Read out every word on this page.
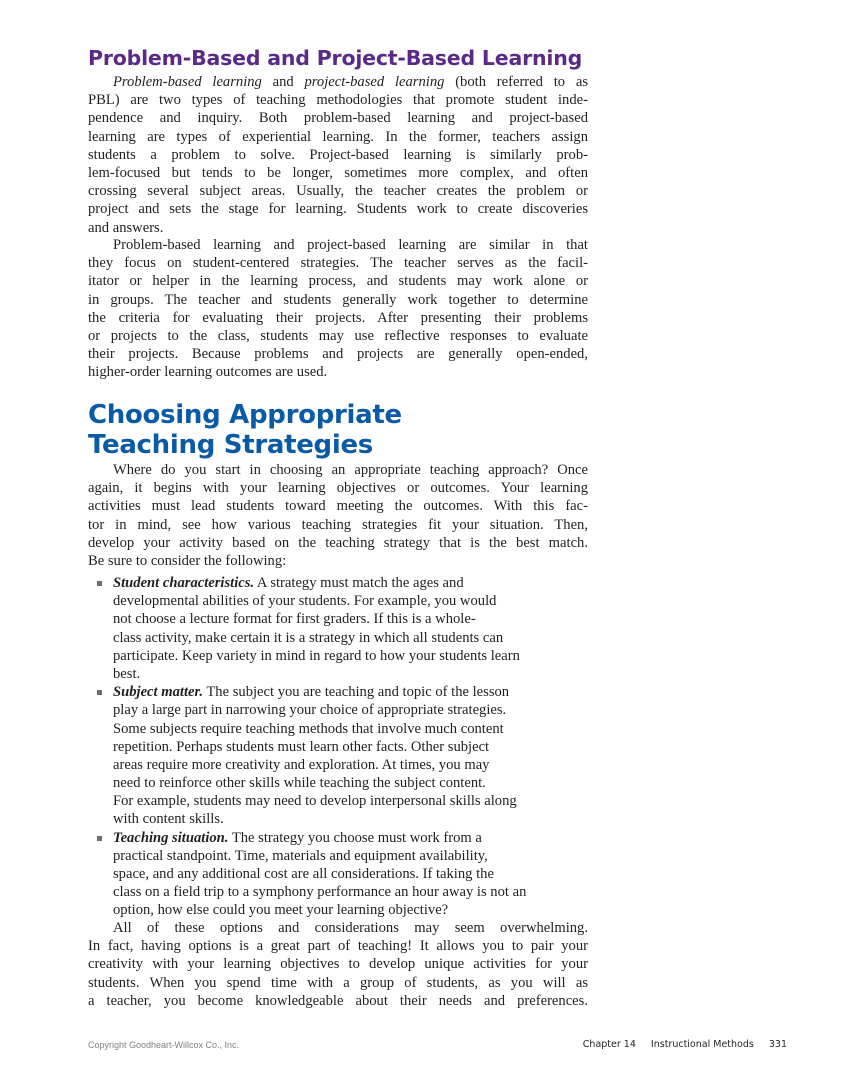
Problem-Based and Project-Based Learning
Problem-based learning and project-based learning (both referred to as
PBL) are two types of teaching methodologies that promote student inde-
pendence and inquiry. Both problem-based learning and project-based
learning are types of experiential learning. In the former, teachers assign
students a problem to solve. Project-based learning is similarly prob-
lem-focused but tends to be longer, sometimes more complex, and often
crossing several subject areas. Usually, the teacher creates the problem or
project and sets the stage for learning. Students work to create discoveries
and answers.
Problem-based learning and project-based learning are similar in that
they focus on student-centered strategies. The teacher serves as the facil-
itator or helper in the learning process, and students may work alone or
in groups. The teacher and students generally work together to determine
the criteria for evaluating their projects. After presenting their problems
or projects to the class, students may use reflective responses to evaluate
their projects. Because problems and projects are generally open-ended,
higher-order learning outcomes are used.
Choosing Appropriate
Teaching Strategies
Where do you start in choosing an appropriate teaching approach? Once
again, it begins with your learning objectives or outcomes. Your learning
activities must lead students toward meeting the outcomes. With this fac-
tor in mind, see how various teaching strategies fit your situation. Then,
develop your activity based on the teaching strategy that is the best match.
Be sure to consider the following:
Student characteristics. A strategy must match the ages and
developmental abilities of your students. For example, you would
not choose a lecture format for first graders. If this is a whole-
class activity, make certain it is a strategy in which all students can
participate. Keep variety in mind in regard to how your students learn
best.
Subject matter. The subject you are teaching and topic of the lesson
play a large part in narrowing your choice of appropriate strategies.
Some subjects require teaching methods that involve much content
repetition. Perhaps students must learn other facts. Other subject
areas require more creativity and exploration. At times, you may
need to reinforce other skills while teaching the subject content.
For example, students may need to develop interpersonal skills along
with content skills.
Teaching situation. The strategy you choose must work from a
practical standpoint. Time, materials and equipment availability,
space, and any additional cost are all considerations. If taking the
class on a field trip to a symphony performance an hour away is not an
option, how else could you meet your learning objective?
All of these options and considerations may seem overwhelming.
In fact, having options is a great part of teaching! It allows you to pair your
creativity with your learning objectives to develop unique activities for your
students. When you spend time with a group of students, as you will as
a teacher, you become knowledgeable about their needs and preferences.
Copyright Goodheart-Willcox Co., Inc.	Chapter 14 Instructional Methods 331
